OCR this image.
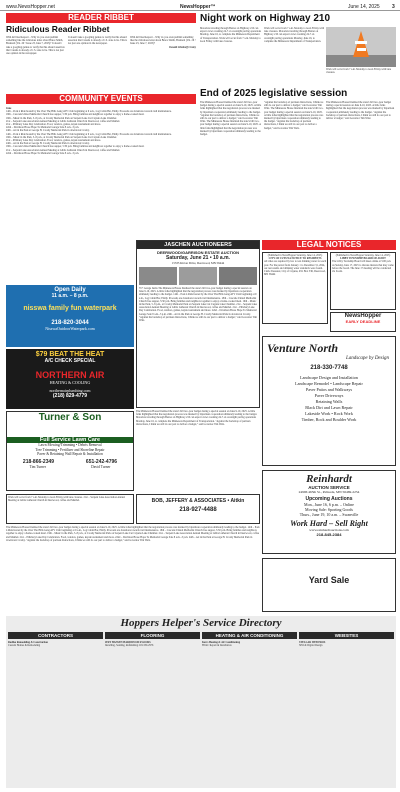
www.NewsHopper.net	NewsHopper™	June 14, 2025 3
READER RIBBET
Ridiculous Reader Ribbet
With All Due Respect – Why do you even publish something like the ridiculous letter about Bruce Smith, Brainerd (Vol. 26 • Issue 23, June 7, 2025)? It doesn't take a googling genius to verify that his absurd assertion that Canada is already a U.S. state is lie. This is not just one opinion in the newspaper.
It doesn't take a googling genius to verify that his absurd assertion that Canada is already a U.S. state is lie. This is not just one opinion in the newspaper.
With All Due Respect – Why do you even publish something like the ridiculous letter about Bruce Smith, Brainerd (Vol. 26 • Issue 23, June 7, 2025)?
Donald Udenhoff Crosby
COMMUNITY EVENTS
June
14th – Pork n Ride hosted by the Over The Hills Gang ATV Club beginning at 9 a.m., Log Cabin Bar, Emily. Proceeds are donations towards trail maintenance.
18th – Cascade United Methodist Church free supper, 5:30 p.m. Bring families and neighbors together to enjoy a home-cooked meal.
19th – Music in the Park, 5–8 p.m., at Crosby Memorial Park on Serpent Lake Cut Cuyuna Lake Chamber.
21st – Serpent Lake Association Annual Meeting at Gibbs Lutheran Church in Deerwood, coffee and Manbel.
21st – Pillsbury Lake Day Celebration. Food, vendors, games, kayak tournament and more.
22nd – Davidson Brose Hope To Memorial Garage Sale 8 a.m.–3 p.m.
24th – Art in the Park at George H. Crosby Memorial Park in downtown Crosby.
14th – Pork n Ride hosted by the Over The Hills Gang ATV Club beginning at 9 a.m., Log Cabin Bar, Emily. Proceeds are donations towards trail maintenance.
19th – Music in the Park, 5–8 p.m., at Crosby Memorial Park on Serpent Lake Cut Cuyuna Lake Chamber.
21st – Pillsbury Lake Day Celebration. Food, vendors, games, kayak tournament and more.
24th – Art in the Park at George H. Crosby Memorial Park in downtown Crosby.
18th – Cascade United Methodist Church free supper, 5:30 p.m. Bring families and neighbors together to enjoy a home-cooked meal.
21st – Serpent Lake Association Annual Meeting at Gibbs Lutheran Church in Deerwood, coffee and Manbel.
22nd – Davidson Brose Hope To Memorial Garage Sale 8 a.m.–3 p.m.
Night work on Highway 210
Motorists traveling through Baxter on Highway 210 can expect crews working 24-7 on overnight paving operations Monday, June 16, to complete the Minnesota Department of Transportation. Work will occur from 7 a.m. Monday to noon Friday with lane closures.
Work will occur from 7 a.m. Monday to noon Friday with lane closures. Motorists traveling through Baxter on Highway 210 can expect crews working 24-7 on overnight paving operations Monday, June 16, to complete the Minnesota Department of Transportation.
Work will occur from 7 a.m. Monday to noon Friday with lane closures.
End of 2025 legislative session
The Minnesota House finalized the state's bill two-year budget during a special session on June 9-10, 2025. A little folks highlighted that the negotiation process was marked by bipartisan cooperation ultimately leading to the budget. "Against the backdrop of partisan distractions, I think we still do our part to deliver a budget," said Governor Tim Walz. The Minnesota House finalized the state's bill two-year budget during a special session on June 9-10, 2025. A little folks highlighted that the negotiation process was marked by bipartisan cooperation ultimately leading to the budget.
"Against the backdrop of partisan distractions, I think we still do our part to deliver a budget," said Governor Tim Walz. The Minnesota House finalized the state's bill two-year budget during a special session on June 9-10, 2025. A little folks highlighted that the negotiation process was marked by bipartisan cooperation ultimately leading to the budget. "Against the backdrop of partisan distractions, I think we still do our part to deliver a budget," said Governor Tim Walz.
The Minnesota House finalized the state's bill two-year budget during a special session on June 9-10, 2025. A little folks highlighted that the negotiation process was marked by bipartisan cooperation ultimately leading to the budget. "Against the backdrop of partisan distractions, I think we still do our part to deliver a budget," said Governor Tim Walz.
LEGAL NOTICES
(Published in NewsHopper Saturday, June 14, 2025)
CITY OF CUYUNA NOTICE TO RESIDENTS
All cities are required by law to test drinking water for each year. For the period from January 1 to December 31, 2024, our test results and drinking water standards were found.
Clerk-Treasurer, City of Cuyuna, P.O. Box 536, Deerwood, MN 56444
(Published in NewsHopper Saturday, June 14, 2025)
LIBBY TOWNSHIP BOARD OF AUDIT
The Libby Township Board will meet online at 5:00 p.m. on Sunday, June 17, 2025 to discuss matters that may come before the board. The June 17 meeting will be conducted via Zoom.
NewsHopper
EARLY DEADLINE
JASCHEN AUCTIONEERS
DEERWOOD/GARRISON ESTATE AUCTION
Saturday, June 21 • 10 a.m.
15335 Kirton Drive, Deerwood, MN 56444
55+ Garage Items The Minnesota House finalized the state's bill two-year budget during a special session on June 9-10, 2025. A little folks highlighted that the negotiation process was marked by bipartisan cooperation ultimately leading to the budget. 14th – Pork n Ride hosted by the Over The Hills Gang ATV Club beginning at 9 a.m., Log Cabin Bar, Emily. Proceeds are donations towards trail maintenance. 18th – Cascade United Methodist Church free supper, 5:30 p.m. Bring families and neighbors together to enjoy a home-cooked meal. 19th – Music in the Park, 5–8 p.m., at Crosby Memorial Park on Serpent Lake Cut Cuyuna Lake Chamber. 21st – Serpent Lake Association Annual Meeting at Gibbs Lutheran Church in Deerwood, coffee and Manbel. 21st – Pillsbury Lake Day Celebration. Food, vendors, games, kayak tournament and more. 22nd – Davidson Brose Hope To Memorial Garage Sale 8 a.m.–3 p.m. 24th – Art in the Park at George H. Crosby Memorial Park in downtown Crosby. "Against the backdrop of partisan distractions, I think we still do our part to deliver a budget," said Governor Tim Walz.
Open Daily
11 a.m. – 8 p.m.
nisswa family fun waterpark
218-820-3044
NisswaOutdoorWaterpark.com
$79 BEAT THE HEAT
A/C CHECK SPECIAL
NORTHERN AIR
HEATING & COOLING
northernairplumbing.com
(218) 829-4779
Turner & Son
Full Service Lawn Care
Lawn Mowing/Trimming • Debris Removal
Tree Trimming • Fertilizer and Shoreline Repair
Paver & Retaining Wall Repair & Installation
218-866-2349	651-242-4796
Tim Turner	David Turner
The Minnesota House finalized the state's bill two-year budget during a special session on June 9-10, 2025. A little folks highlighted that the negotiation process was marked by bipartisan cooperation ultimately leading to the budget. Motorists traveling through Baxter on Highway 210 can expect crews working 24-7 on overnight paving operations Monday, June 16, to complete the Minnesota Department of Transportation. "Against the backdrop of partisan distractions, I think we still do our part to deliver a budget," said Governor Tim Walz.
Venture North
Landscape by Design
218-330-7748
Landscape Design and Installation
Landscape Remodel • Landscape Repair
Paver Patios and Walkways
Paver Driveways
Retaining Walls
Black Dirt and Lawn Repair
Lakeside Work • Rock Work
Timber, Rock and Boulder Work
Reinhardt
AUCTION SERVICE
24996 465th St., Palisade, MN 56469-2254
Upcoming Auctions
Mon., June 16, 6 p.m. – Online
Moving Sale: Sporting Goods
Thurs., June 19, 10 a.m. – Swanville
Work Hard – Sell Right
www.reinhardtauctions.com
218-845-2384
BOB, JEFFERY & ASSOCIATES • Aitkin
218-927-4488
Work will occur from 7 a.m. Monday to noon Friday with lane closures. 21st – Serpent Lake Association Annual Meeting at Gibbs Lutheran Church in Deerwood, coffee and Manbel.
The Minnesota House finalized the state's bill two-year budget during a special session on June 9-10, 2025. A little folks highlighted that the negotiation process was marked by bipartisan cooperation ultimately leading to the budget. 14th – Pork n Ride hosted by the Over The Hills Gang ATV Club beginning at 9 a.m., Log Cabin Bar, Emily. Proceeds are donations towards trail maintenance. 18th – Cascade United Methodist Church free supper, 5:30 p.m. Bring families and neighbors together to enjoy a home-cooked meal. 19th – Music in the Park, 5–8 p.m., at Crosby Memorial Park on Serpent Lake Cut Cuyuna Lake Chamber. 21st – Serpent Lake Association Annual Meeting at Gibbs Lutheran Church in Deerwood, coffee and Manbel. 21st – Pillsbury Lake Day Celebration. Food, vendors, games, kayak tournament and more. 22nd – Davidson Brose Hope To Memorial Garage Sale 8 a.m.–3 p.m. 24th – Art in the Park at George H. Crosby Memorial Park in downtown Crosby. "Against the backdrop of partisan distractions, I think we still do our part to deliver a budget," said Governor Tim Walz.
Yard Sale
Hoppers Helper's Service Directory
CONTRACTORS
Radtke Remodeling & Construction
Custom Homes & Remodeling
FLOORING
JEFF HANSEN HARDWOOD FLOORS
Installing, Sanding, Refinishing 218-330-2976
HEATING & AIR CONDITIONING
Ken's Heating & Air Conditioning
HVAC Repair & Installation
WEBSITES
STELLAR WEB PROS
SEO & Digital Design
